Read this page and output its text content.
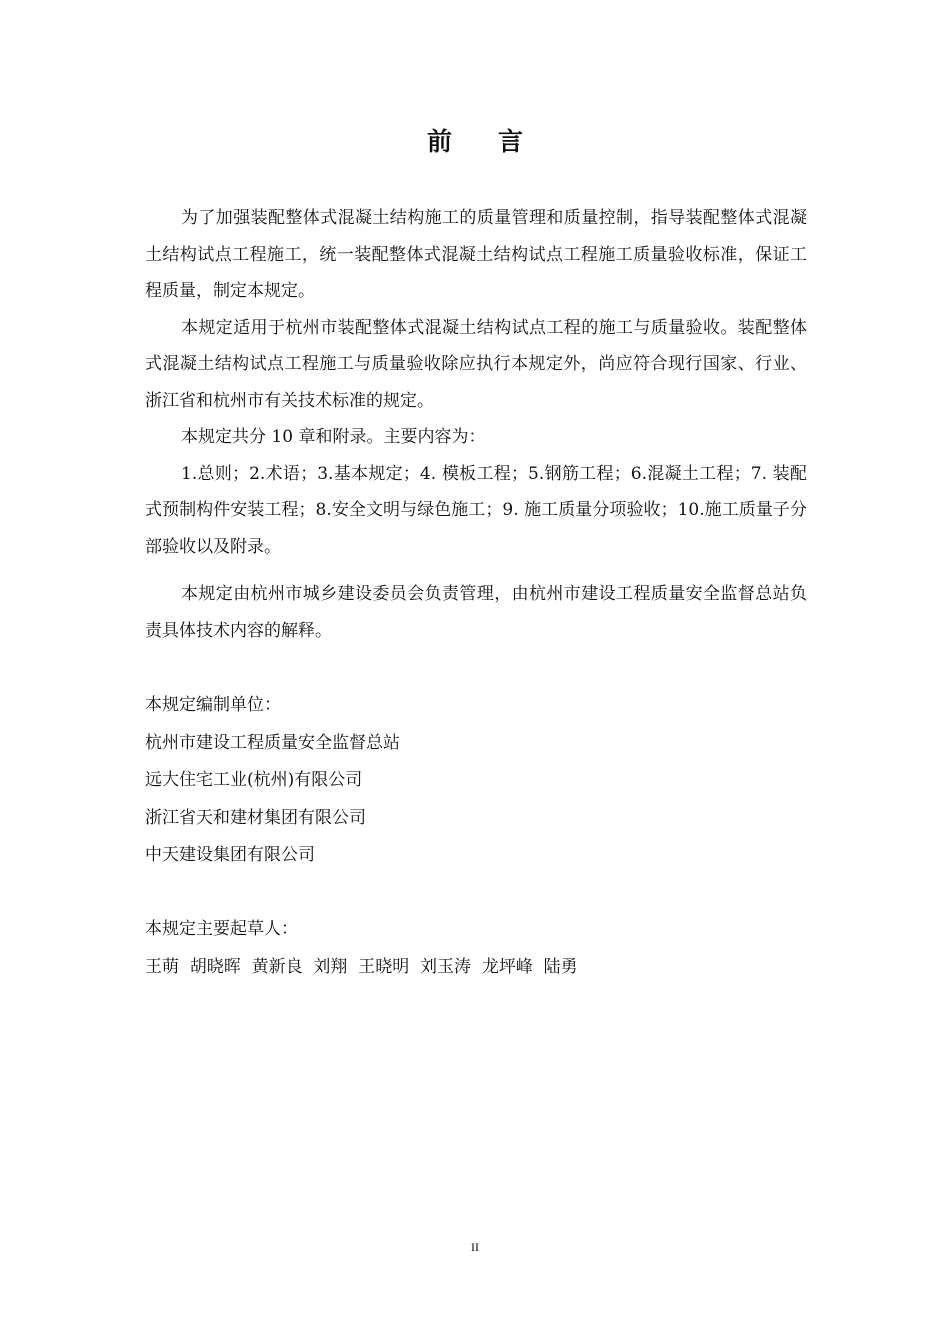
前言

为了加强装配整体式混凝土结构施工的质量管理和质量控制，指导装配整体式混凝土结构试点工程施工，统一装配整体式混凝土结构试点工程施工质量验收标准，保证工程质量，制定本规定。

本规定适用于杭州市装配整体式混凝土结构试点工程的施工与质量验收。装配整体式混凝土结构试点工程施工与质量验收除应执行本规定外，尚应符合现行国家、行业、浙江省和杭州市有关技术标准的规定。

本规定共分 10 章和附录。主要内容为：

1.总则；2.术语；3.基本规定；4. 模板工程；5.钢筋工程；6.混凝土工程；7. 装配式预制构件安装工程；8.安全文明与绿色施工；9. 施工质量分项验收；10.施工质量子分部验收以及附录。

本规定由杭州市城乡建设委员会负责管理，由杭州市建设工程质量安全监督总站负责具体技术内容的解释。

本规定编制单位：

杭州市建设工程质量安全监督总站

远大住宅工业(杭州)有限公司

浙江省天和建材集团有限公司

中天建设集团有限公司

本规定主要起草人：

王萌  胡晓晖  黄新良  刘翔  王晓明  刘玉涛  龙坪峰  陆勇

II
